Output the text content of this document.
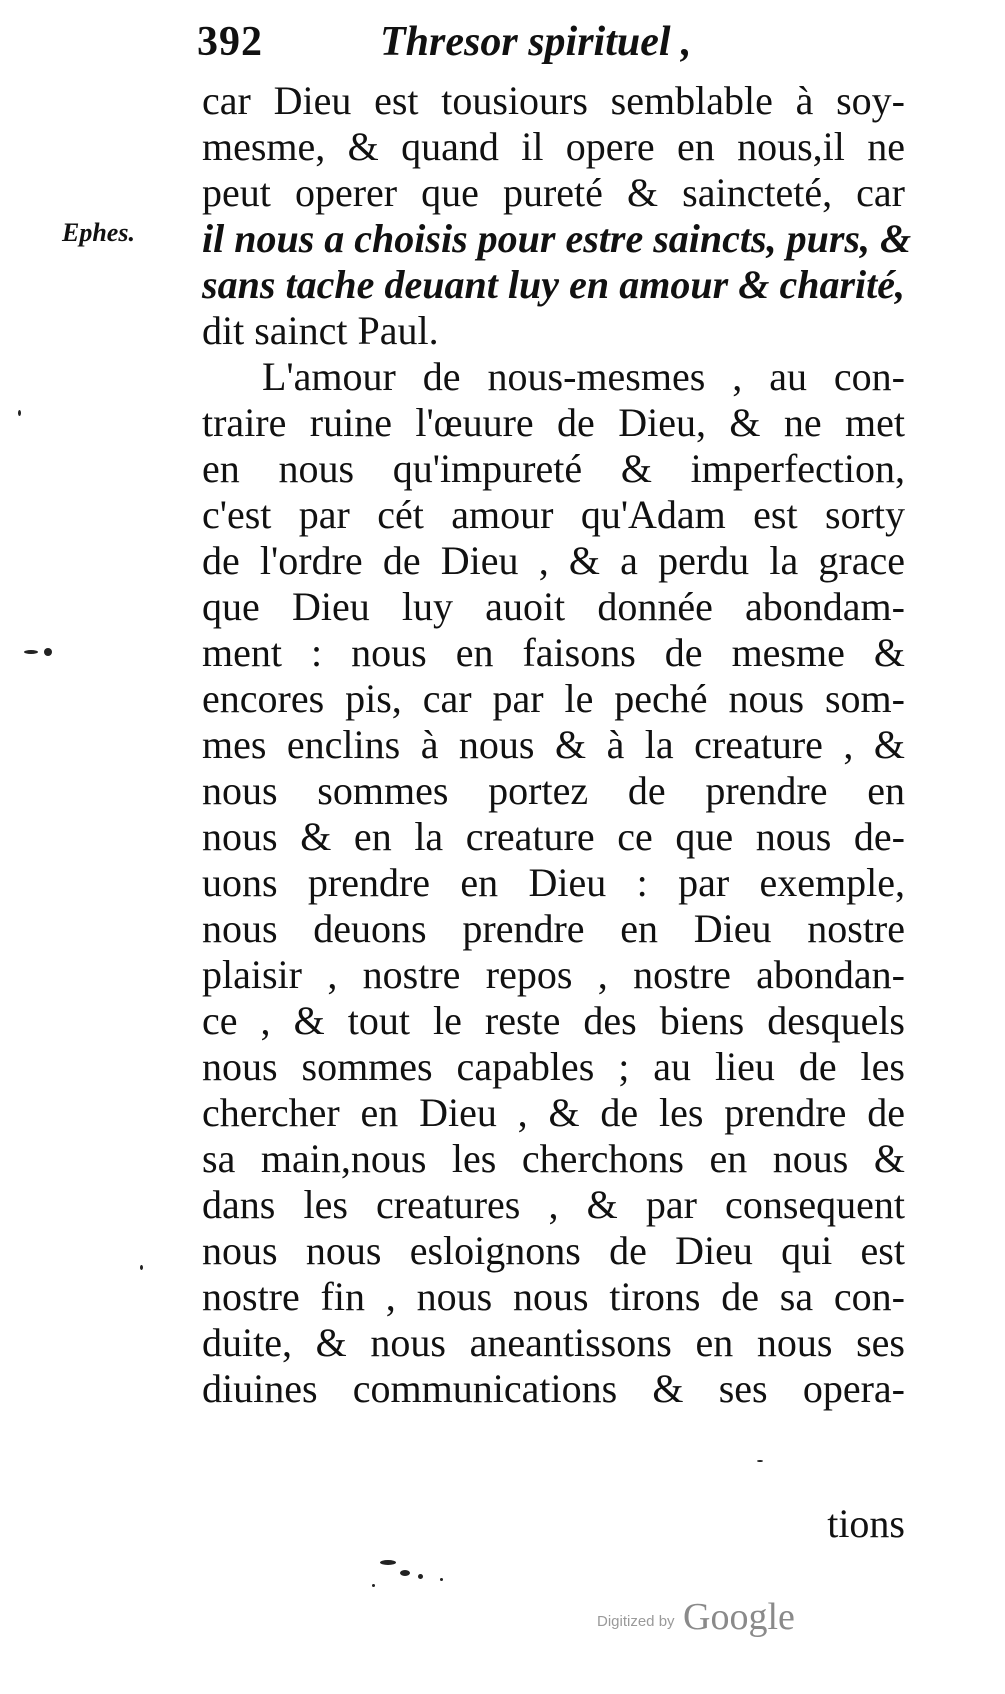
392	Thresor spirituel ,
Ephes.
car Dieu est tousiours semblable à soy-
mesme, & quand il opere en nous,il ne
peut operer que pureté & saincteté, car
il nous a choisis pour estre saincts, purs, &
sans tache deuant luy en amour & charité,
dit sainct Paul.
L'amour de nous-mesmes , au con-
traire ruine l'œuure de Dieu, & ne met
en nous qu'impureté & imperfection,
c'est par cét amour qu'Adam est sorty
de l'ordre de Dieu , & a perdu la grace
que Dieu luy auoit donnée abondam-
ment : nous en faisons de mesme &
encores pis, car par le peché nous som-
mes enclins à nous & à la creature , &
nous sommes portez de prendre en
nous & en la creature ce que nous de-
uons prendre en Dieu : par exemple,
nous deuons prendre en Dieu nostre
plaisir , nostre repos , nostre abondan-
ce , & tout le reste des biens desquels
nous sommes capables ; au lieu de les
chercher en Dieu , & de les prendre de
sa main,nous les cherchons en nous &
dans les creatures , & par consequent
nous nous esloignons de Dieu qui est
nostre fin , nous nous tirons de sa con-
duite, & nous aneantissons en nous ses
diuines communications & ses opera-
tions
Digitized by Google
